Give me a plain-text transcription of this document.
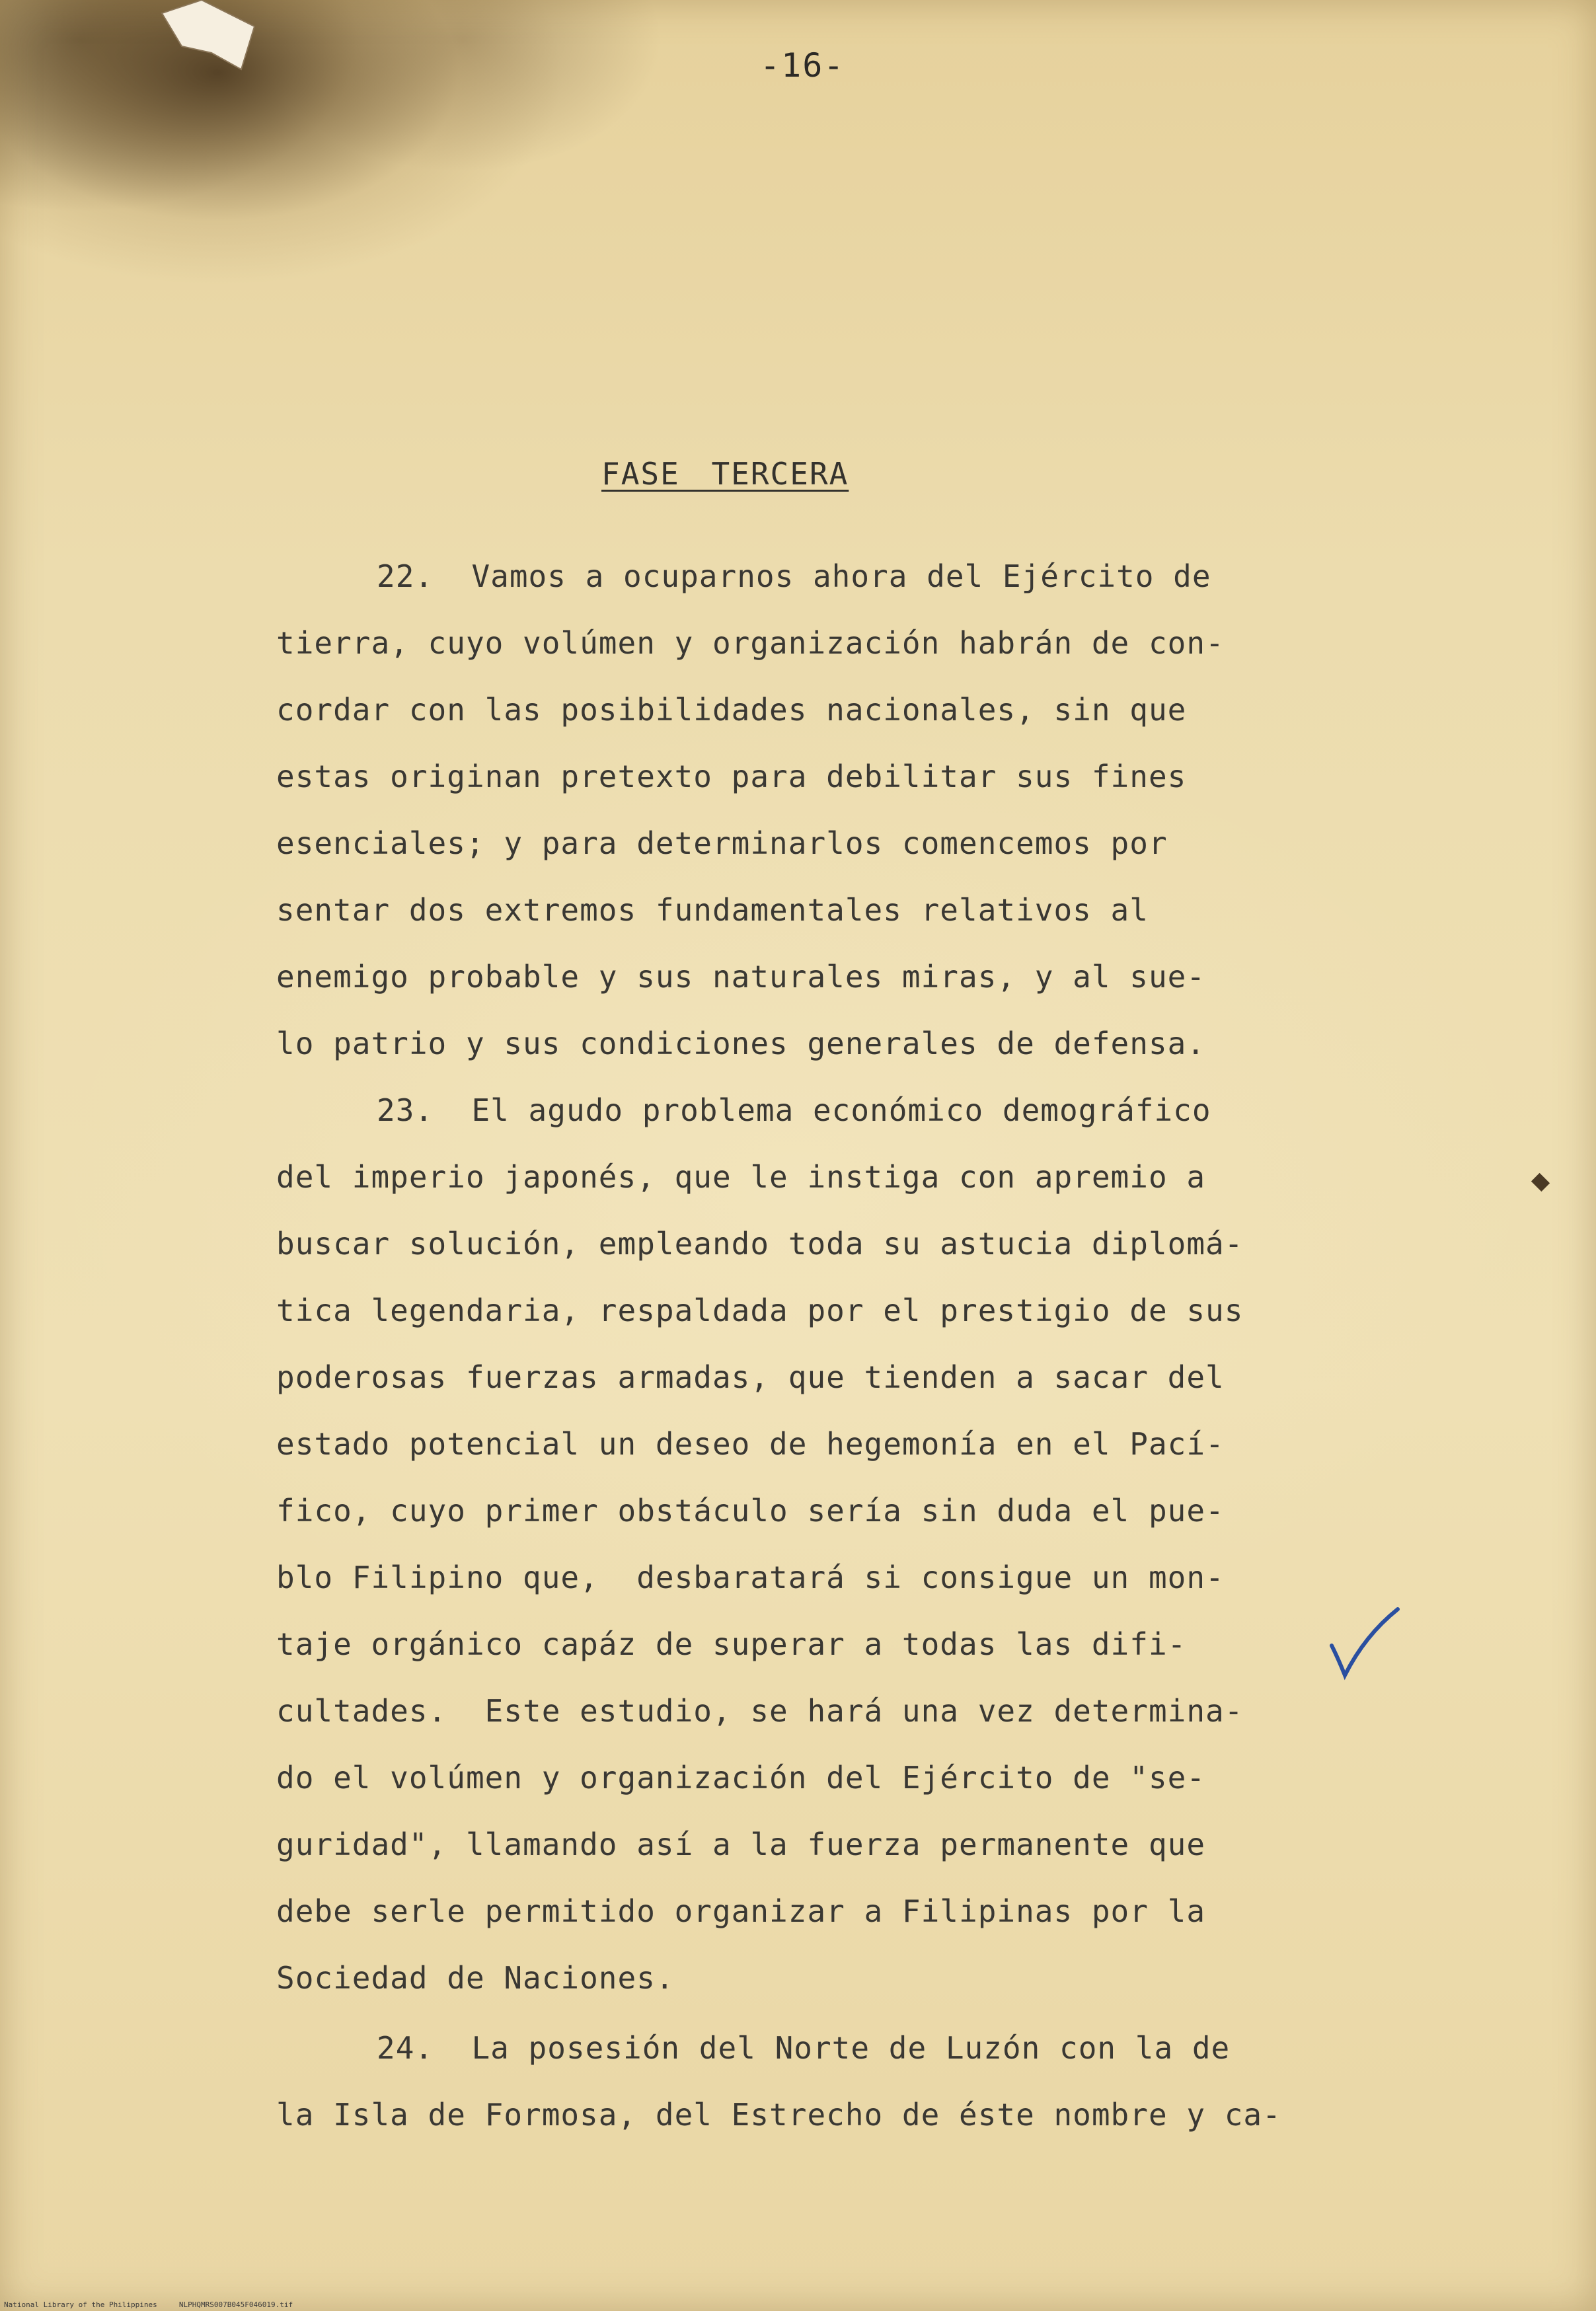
-16-
FASE TERCERA
22.  Vamos a ocuparnos ahora del Ejército de
tierra, cuyo volúmen y organización habrán de con-
cordar con las posibilidades nacionales, sin que
estas originan pretexto para debilitar sus fines
esenciales; y para determinarlos comencemos por
sentar dos extremos fundamentales relativos al
enemigo probable y sus naturales miras, y al sue-
lo patrio y sus condiciones generales de defensa.
23.  El agudo problema económico demográfico
del imperio japonés, que le instiga con apremio a
buscar solución, empleando toda su astucia diplomá-
tica legendaria, respaldada por el prestigio de sus
poderosas fuerzas armadas, que tienden a sacar del
estado potencial un deseo de hegemonía en el Pací-
fico, cuyo primer obstáculo sería sin duda el pue-
blo Filipino que,  desbaratará si consigue un mon-
taje orgánico capáz de superar a todas las difi-
cultades.  Este estudio, se hará una vez determina-
do el volúmen y organización del Ejército de "se-
guridad", llamando así a la fuerza permanente que
debe serle permitido organizar a Filipinas por la
Sociedad de Naciones.
24.  La posesión del Norte de Luzón con la de
la Isla de Formosa, del Estrecho de éste nombre y ca-
National Library of the Philippines     NLPHQMRS007B045F046019.tif
